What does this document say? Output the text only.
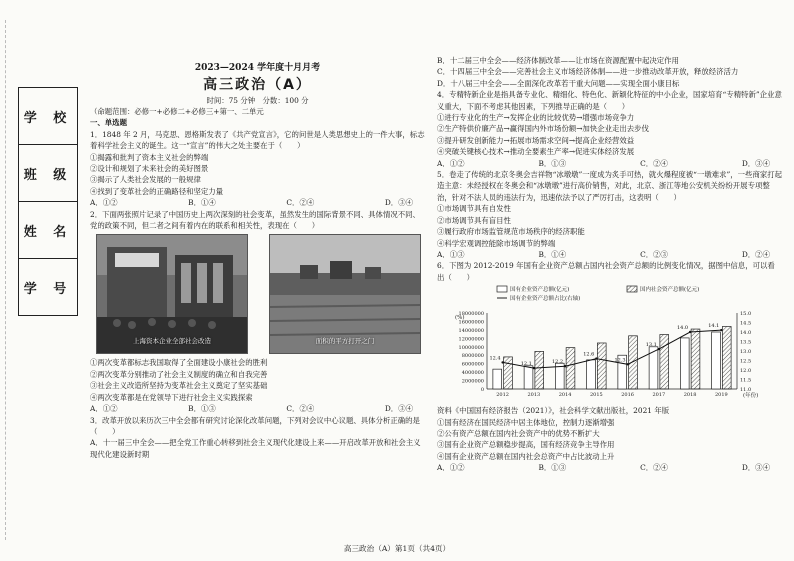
学 校
班 级
姓 名
学 号
2023—2024 学年度十月月考
高三政治（A）
时间：75 分钟　分数：100 分

（命题范围：必修一+必修二+必修三+第一、二单元

一、单选题

1．1848 年 2 月，马克思、恩格斯发表了《共产党宣言》，它的问世是人类思想史上的一件大事，标志着科学社会主义的诞生。这一“宣言”的伟大之处主要在于（　　）

①揭露和批判了资本主义社会的弊端

②设计和规划了未来社会的美好图景

③揭示了人类社会发展的一般规律

④找到了变革社会的正确路径和坚定力量

A．①②	B．①④	C．②④	D．③④

2．下面两张照片记录了中国历史上两次深刻的社会变革，虽然发生的国际背景不同、具体情况不同、党的政策不同，但二者之间有着内在的联系和相关性，表现在（　　）

上海资本企业全部社会改造	面积的平方打开之门

①两次变革都标志我国取得了全面建设小康社会的胜利

②两次变革分别推动了社会主义制度的确立和自我完善

③社会主义改造所坚持为变革社会主义奠定了坚实基础

④两次变革都是在党领导下进行社会主义实践探索

A．①②	B．①③	C．②④	D．③④

3．改革开放以来历次三中全会都有研究讨论深化改革问题，下列对会议中心议题、具体分析正确的是（　　）

A．十一届三中全会——把全党工作重心转移到社会主义现代化建设上来——开启改革开放和社会主义现代化建设新时期

B．十二届三中全会——经济体制改革——让市场在资源配置中起决定作用

C．十四届三中全会——完善社会主义市场经济体制——进一步推动改革开放，释放经济活力

D．十八届三中全会——全面深化改革若干重大问题——实现全面小康目标

4．专精特新企业是指具备专业化、精细化、特色化、新颖化特征的中小企业，国家培育“专精特新”企业意义重大，下面不考虑其他因素，下列推导正确的是（　　）

①进行专业化的生产→发挥企业的比较优势→增强市场竞争力

②生产特供价廉产品→赢得国内外市场份额→加快企业走出去步伐

③提升研发创新能力→拓展市场需求空间→提高企业经营效益

④突破关键核心技术→推动全要素生产率→促进实体经济发展

A．①②	B．①③	C．②④	D．③④

5．卷走了传统的北京冬奥会吉祥物“冰墩墩”一度成为炙手可热，就火爆程度被“一墩难求”，一些商家打起造主意：未经授权在冬奥会和“冰墩墩”进行高价销售，对此，北京、浙江等地公安机关纷纷开展专项整治，针对不法人员的违法行为，迅速依法予以了严厉打击，这表明（　　）

①市场调节具有自发性

②市场调节具有盲目性

③履行政府市场监管规范市场秩序的经济职能

④科学宏观调控能除市场调节的弊端

A．①③	B．①④	C．②③	D．②④

6．下图为 2012-2019 年国有企业资产总额占国内社会资产总额的比例变化情况，据图中信息，可以看出（　　）

国有企业资产总额(亿元)	国内社会资产总额(亿元)
国有企业资产总额占比(右轴)
(%)
(年份)
0
2000000
4000000
6000000
8000000
10000000
12000000
14000000
16000000
18000000
11.0
11.5
12.0
12.5
13.0
13.5
14.0
14.5
15.0
2012	2013	2014	2015	2016	2017	2018	2019
12.4
12.1	12.2
12.6
12.3
13.1
14.0	14.1

资料《中国国有经济报告（2021）》，社会科学文献出版社，2021 年版

①国有经济在国民经济中居主体地位，控制力逐渐增强

②公有资产总额在国内社会资产中的优势不断扩大

③国有企业资产总额稳步提高，国有经济竞争主导作用

④国有企业资产总额在国内社会总资产中占比波动上升

A．①②	B．①③	C．②④	D．③④
高三政治（A）第1页（共4页）
